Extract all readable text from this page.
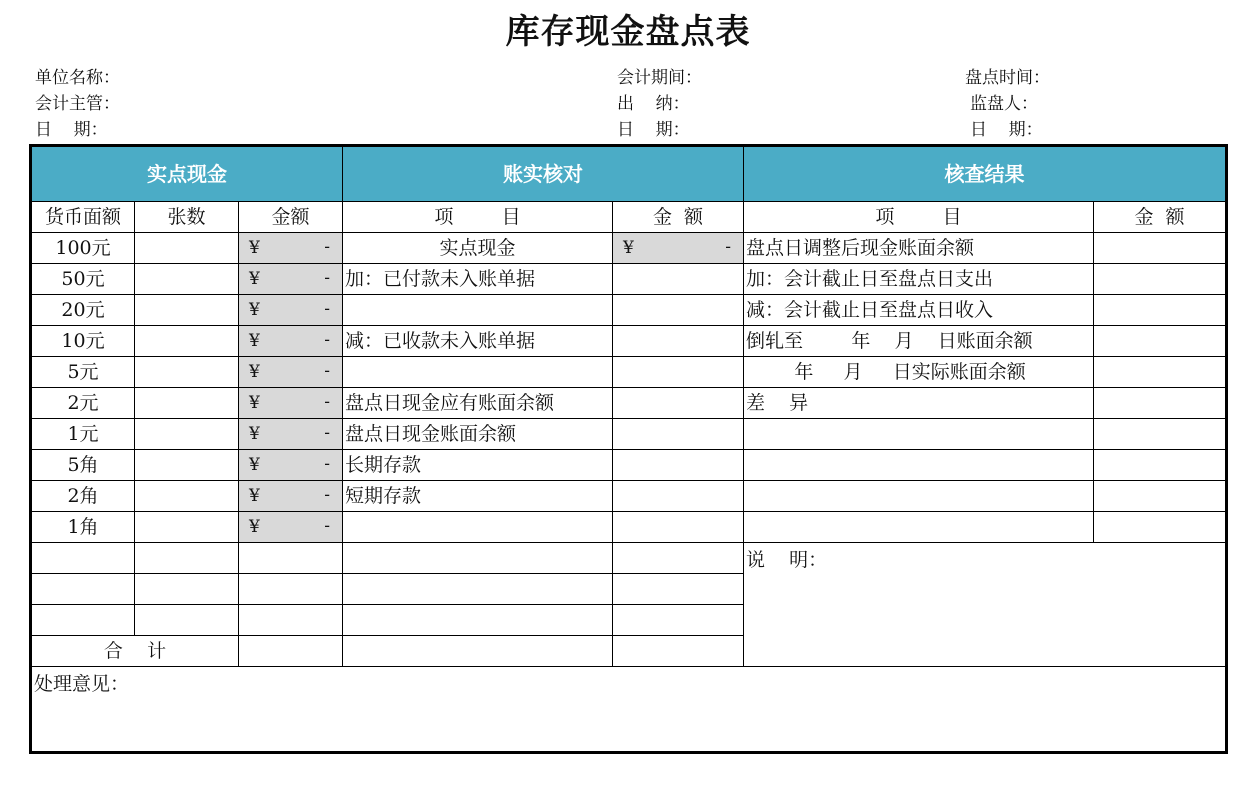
库存现金盘点表
单位名称：	会计期间：	盘点时间：
会计主管：	出    纳：	监盘人：
日    期：	日    期：	日    期：
实点现金			账实核对		核查结果	
货币面额	张数	金额	项        目	金  额	项        目	金  额
100元		¥ -	实点现金	¥ -	盘点日调整后现金账面余额	
50元		¥ -	加：已付款未入账单据		加：会计截止日至盘点日支出	
20元		¥ -			减：会计截止日至盘点日收入	
10元		¥ -	减：已收款未入账单据		倒轧至        年    月    日账面余额	
5元		¥ -			年     月     日实际账面余额	
2元		¥ -	盘点日现金应有账面余额		差    异	
1元		¥ -	盘点日现金账面余额			
5角		¥ -	长期存款			
2角		¥ -	短期存款			
1角		¥ -				

					说    明：	

合    计						
处理意见：						
